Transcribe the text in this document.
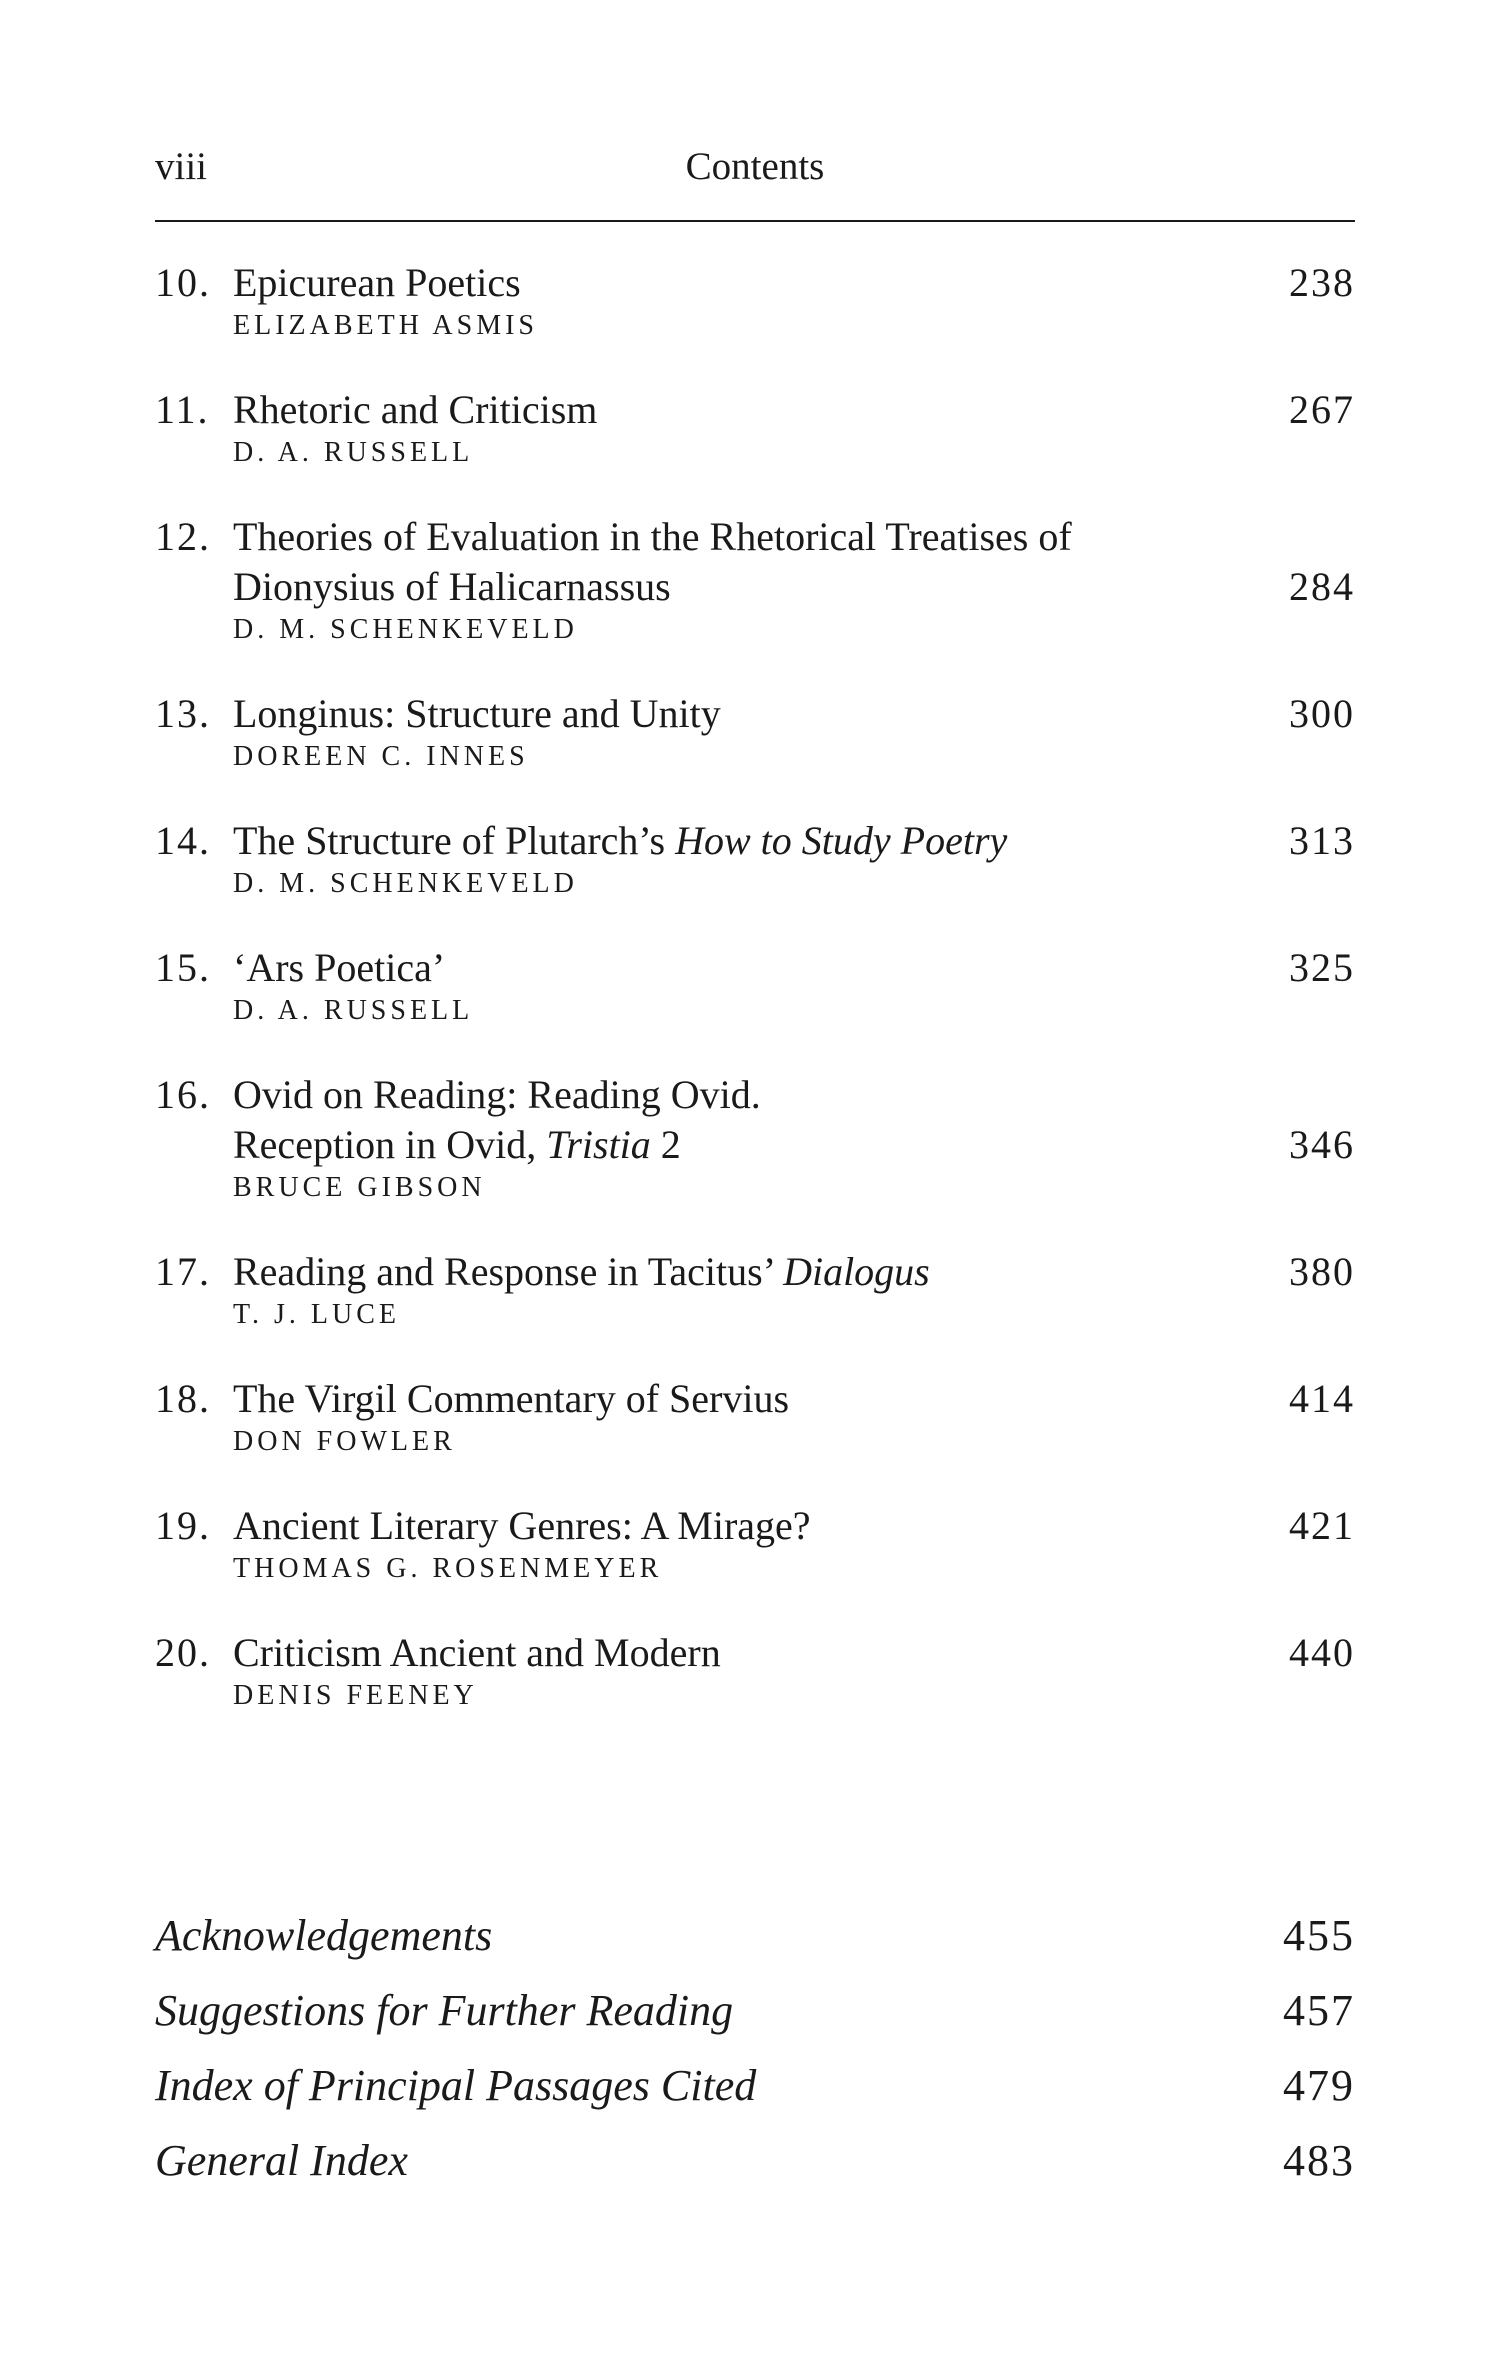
viii	Contents
10. Epicurean Poetics	238
ELIZABETH ASMIS
11. Rhetoric and Criticism	267
D. A. RUSSELL
12. Theories of Evaluation in the Rhetorical Treatises of
Dionysius of Halicarnassus	284
D. M. SCHENKEVELD
13. Longinus: Structure and Unity	300
DOREEN C. INNES
14. The Structure of Plutarch’s How to Study Poetry	313
D. M. SCHENKEVELD
15. ‘Ars Poetica’	325
D. A. RUSSELL
16. Ovid on Reading: Reading Ovid.
Reception in Ovid, Tristia 2	346
BRUCE GIBSON
17. Reading and Response in Tacitus’ Dialogus	380
T. J. LUCE
18. The Virgil Commentary of Servius	414
DON FOWLER
19. Ancient Literary Genres: A Mirage?	421
THOMAS G. ROSENMEYER
20. Criticism Ancient and Modern	440
DENIS FEENEY
Acknowledgements	455
Suggestions for Further Reading	457
Index of Principal Passages Cited	479
General Index	483
